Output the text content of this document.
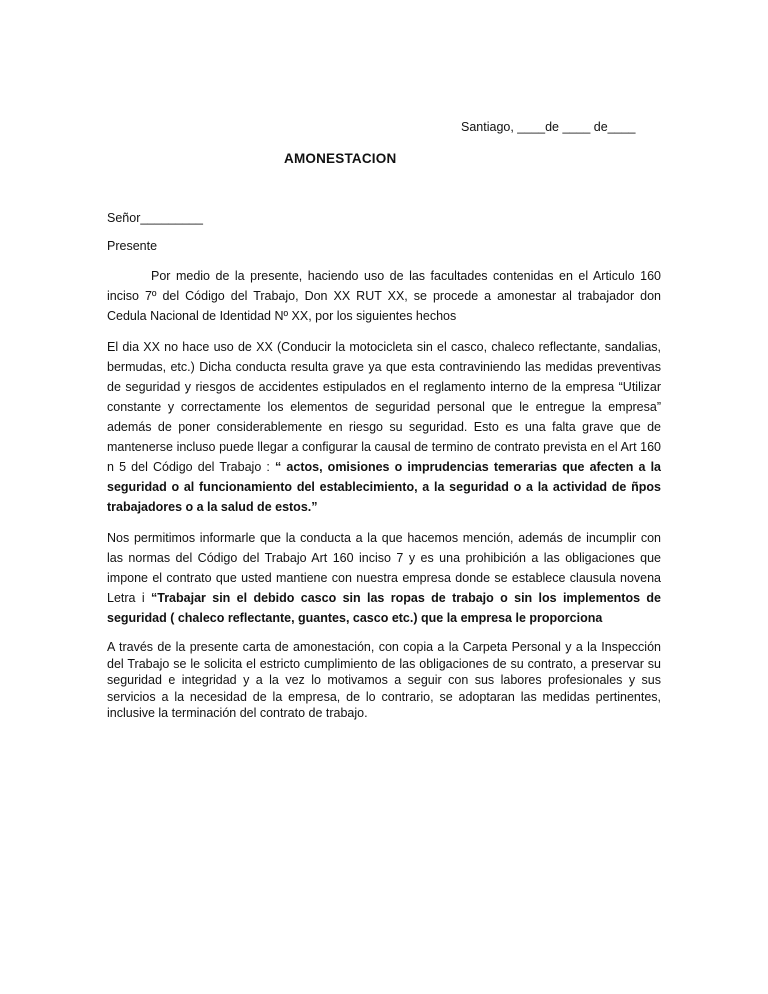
Santiago, ____de ____ de____
AMONESTACION
Señor_________
Presente

Por medio de la presente, haciendo uso de las facultades contenidas en el Articulo 160 inciso 7º del Código del Trabajo, Don XX RUT XX, se procede a amonestar al trabajador don Cedula Nacional de Identidad Nº XX, por los siguientes hechos

El dia XX no hace uso de XX (Conducir la motocicleta sin el casco, chaleco reflectante, sandalias, bermudas, etc.) Dicha conducta resulta grave ya que esta contraviniendo las medidas preventivas de seguridad y riesgos de accidentes estipulados en el reglamento interno de la empresa “Utilizar constante y correctamente los elementos de seguridad personal que le entregue la empresa” además de poner considerablemente en riesgo su seguridad. Esto es una falta grave que de mantenerse incluso puede llegar a configurar la causal de termino de contrato prevista en el Art 160 n 5 del Código del Trabajo : “ actos, omisiones o imprudencias temerarias que afecten a la seguridad o al funcionamiento del establecimiento, a la seguridad o a la actividad de ñpos trabajadores o a la salud de estos.”

Nos permitimos informarle que la conducta a la que hacemos mención, además de incumplir con las normas del Código del Trabajo Art 160 inciso 7 y es una prohibición a las obligaciones que impone el contrato que usted mantiene con nuestra empresa donde se establece clausula novena Letra i “Trabajar sin el debido casco sin las ropas de trabajo o sin los implementos de seguridad ( chaleco reflectante, guantes, casco etc.) que la empresa le proporciona

A través de la presente carta de amonestación, con copia a la Carpeta Personal y a la Inspección del Trabajo se le solicita el estricto cumplimiento de las obligaciones de su contrato, a preservar su seguridad e integridad y a la vez lo motivamos a seguir con sus labores profesionales y sus servicios a la necesidad de la empresa, de lo contrario, se adoptaran las medidas pertinentes, inclusive la terminación del contrato de trabajo.
